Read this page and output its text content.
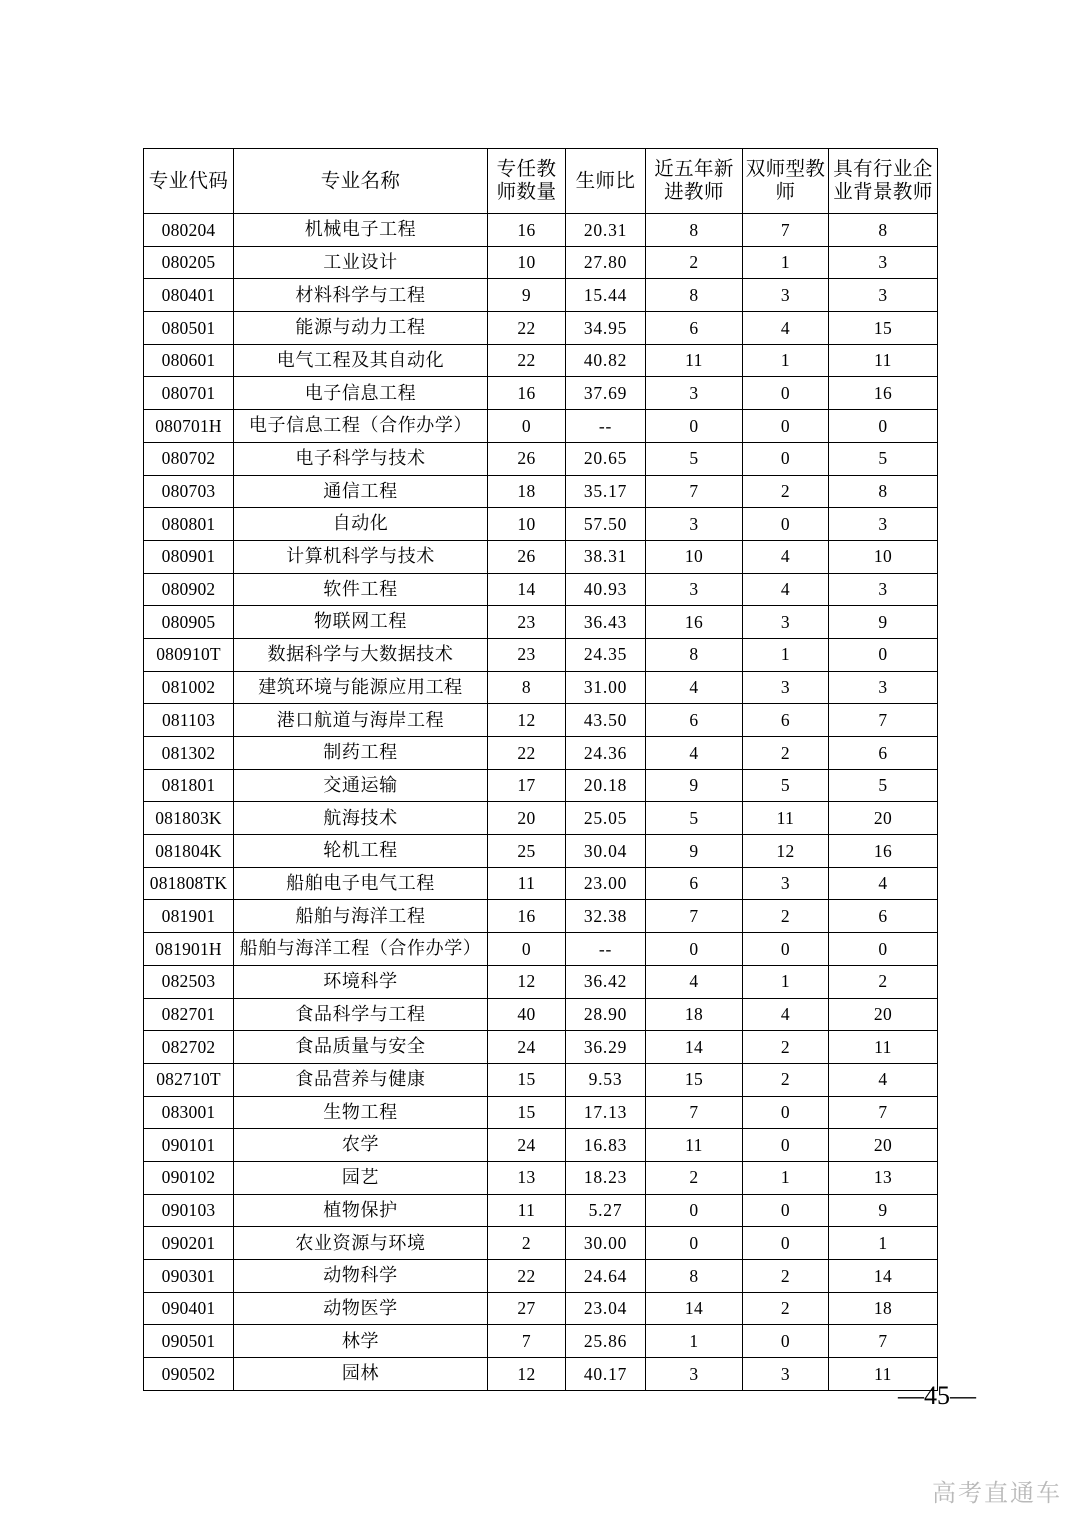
专业代码	专业名称	专任教师数量	生师比	近五年新进教师	双师型教师	具有行业企业背景教师
080204	机械电子工程	16	20.31	8	7	8
080205	工业设计	10	27.80	2	1	3
080401	材料科学与工程	9	15.44	8	3	3
080501	能源与动力工程	22	34.95	6	4	15
080601	电气工程及其自动化	22	40.82	11	1	11
080701	电子信息工程	16	37.69	3	0	16
080701H	电子信息工程（合作办学）	0	--	0	0	0
080702	电子科学与技术	26	20.65	5	0	5
080703	通信工程	18	35.17	7	2	8
080801	自动化	10	57.50	3	0	3
080901	计算机科学与技术	26	38.31	10	4	10
080902	软件工程	14	40.93	3	4	3
080905	物联网工程	23	36.43	16	3	9
080910T	数据科学与大数据技术	23	24.35	8	1	0
081002	建筑环境与能源应用工程	8	31.00	4	3	3
081103	港口航道与海岸工程	12	43.50	6	6	7
081302	制药工程	22	24.36	4	2	6
081801	交通运输	17	20.18	9	5	5
081803K	航海技术	20	25.05	5	11	20
081804K	轮机工程	25	30.04	9	12	16
081808TK	船舶电子电气工程	11	23.00	6	3	4
081901	船舶与海洋工程	16	32.38	7	2	6
081901H	船舶与海洋工程（合作办学）	0	--	0	0	0
082503	环境科学	12	36.42	4	1	2
082701	食品科学与工程	40	28.90	18	4	20
082702	食品质量与安全	24	36.29	14	2	11
082710T	食品营养与健康	15	9.53	15	2	4
083001	生物工程	15	17.13	7	0	7
090101	农学	24	16.83	11	0	20
090102	园艺	13	18.23	2	1	13
090103	植物保护	11	5.27	0	0	9
090201	农业资源与环境	2	30.00	0	0	1
090301	动物科学	22	24.64	8	2	14
090401	动物医学	27	23.04	14	2	18
090501	林学	7	25.86	1	0	7
090502	园林	12	40.17	3	3	11
—45—
高考直通车
